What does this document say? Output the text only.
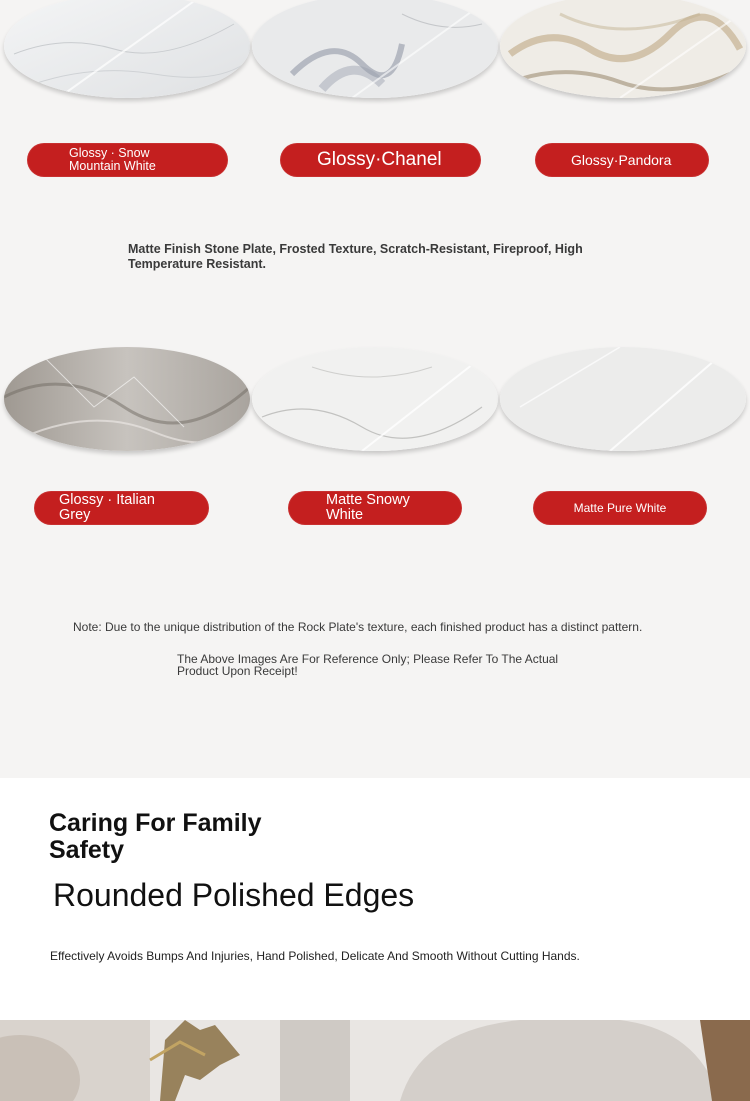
Glossy · Snow
Mountain White	Glossy·Chanel	Glossy·Pandora
Matte Finish Stone Plate, Frosted Texture, Scratch-Resistant, Fireproof, High
Temperature Resistant.
Glossy · Italian
Grey
Matte Snowy
White	Matte Pure White
Note: Due to the unique distribution of the Rock Plate's texture, each finished product has a distinct pattern.
The Above Images Are For Reference Only; Please Refer To The Actual
Product Upon Receipt!
Caring For Family
Safety
Rounded Polished Edges
Effectively Avoids Bumps And Injuries, Hand Polished, Delicate And Smooth Without Cutting Hands.
